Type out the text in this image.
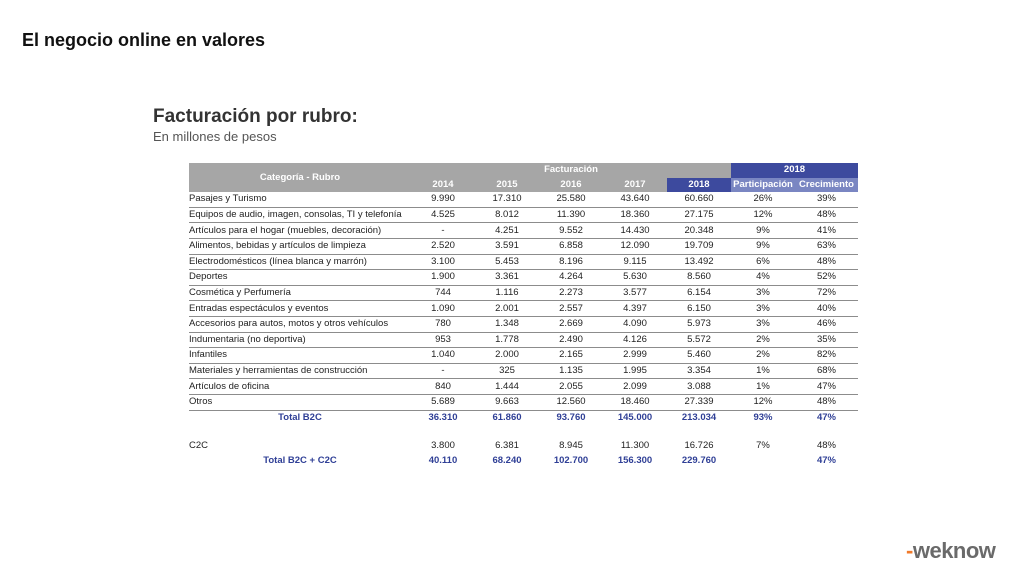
El negocio online en valores
Facturación por rubro:
En millones de pesos
Categoría - Rubro	Facturación					2018	
	2014	2015	2016	2017	2018	Participación	Crecimiento
Pasajes y Turismo	9.990	17.310	25.580	43.640	60.660	26%	39%
Equipos de audio, imagen, consolas, TI y telefonía	4.525	8.012	11.390	18.360	27.175	12%	48%
Artículos para el hogar (muebles, decoración)	-	4.251	9.552	14.430	20.348	9%	41%
Alimentos, bebidas y artículos de limpieza	2.520	3.591	6.858	12.090	19.709	9%	63%
Electrodomésticos (línea blanca y marrón)	3.100	5.453	8.196	9.115	13.492	6%	48%
Deportes	1.900	3.361	4.264	5.630	8.560	4%	52%
Cosmética y Perfumería	744	1.116	2.273	3.577	6.154	3%	72%
Entradas espectáculos y eventos	1.090	2.001	2.557	4.397	6.150	3%	40%
Accesorios para autos, motos y otros vehículos	780	1.348	2.669	4.090	5.973	3%	46%
Indumentaria (no deportiva)	953	1.778	2.490	4.126	5.572	2%	35%
Infantiles	1.040	2.000	2.165	2.999	5.460	2%	82%
Materiales y herramientas de construcción	-	325	1.135	1.995	3.354	1%	68%
Artículos de oficina	840	1.444	2.055	2.099	3.088	1%	47%
Otros	5.689	9.663	12.560	18.460	27.339	12%	48%
Total B2C	36.310	61.860	93.760	145.000	213.034	93%	47%

C2C	3.800	6.381	8.945	11.300	16.726	7%	48%
Total B2C + C2C	40.110	68.240	102.700	156.300	229.760		47%
-weknow
